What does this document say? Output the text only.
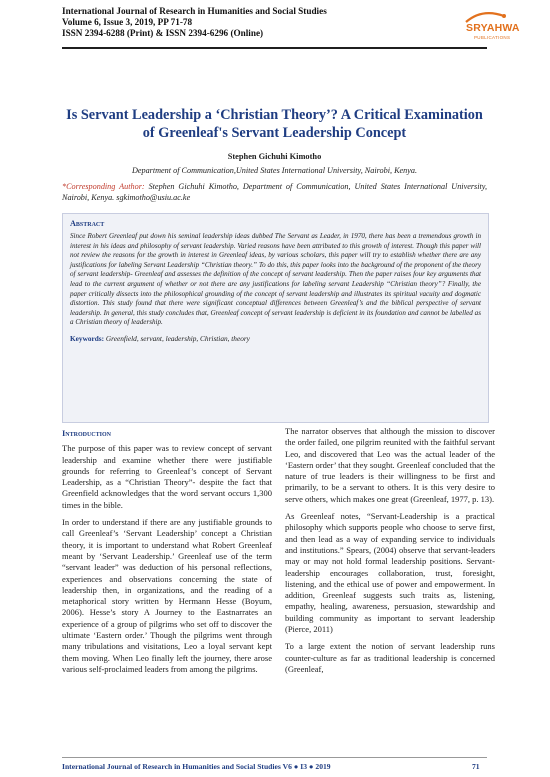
International Journal of Research in Humanities and Social Studies
Volume 6, Issue 3, 2019, PP 71-78
ISSN 2394-6288 (Print) & ISSN 2394-6296 (Online)	SRYAHWA
PUBLICATIONS
Is Servant Leadership a ‘Christian Theory’? A Critical Examination of Greenleaf's Servant Leadership Concept
Stephen Gichuhi Kimotho
Department of Communication,United States International University, Nairobi, Kenya.
*Corresponding Author: Stephen Gichuhi Kimotho, Department of Communication, United States International University, Nairobi, Kenya. sgkimotho@usiu.ac.ke
Abstract

Since Robert Greenleaf put down his seminal leadership ideas dubbed The Servant as Leader, in 1970, there has been a tremendous growth in interest in his ideas and philosophy of servant leadership. Varied reasons have been attributed to this growth of interest. Though this paper will not review the reasons for the growth in interest in Greenleaf ideas, by various scholars, this paper will try to establish whether there are any justifications for labeling Servant Leadership “Christian theory.” To do this, this paper looks into the background of the proponent of the theory of servant leadership- Greenleaf and assesses the definition of the concept of servant leadership. Then the paper raises four key arguments that lead to the current argument of whether or not there are any justifications for labeling servant Leadership “Christian theory”? Finally, the paper critically dissects into the philosophical grounding of the concept of servant leadership and illustrates its spiritual vacuity and dogmatic distortion. This study found that there were significant conceptual differences between Greenleaf’s and the biblical perspective of servant leadership. In general, this study concludes that, Greenleaf concept of servant leadership is deficient in its foundation and cannot be labelled as a Christian theory of leadership.

Keywords: Greenfield, servant, leadership, Christian, theory
Introduction

The purpose of this paper was to review concept of servant leadership and examine whether there were justifiable grounds for referring to Greenleaf’s concept of Servant Leadership, as a “Christian Theory”- despite the fact that Greenfield acknowledges that the word servant occurs 1,300 times in the bible.

In order to understand if there are any justifiable grounds to call Greenleaf’s ‘Servant Leadership’ concept a Christian theory, it is important to understand what Robert Greenleaf meant by ‘Servant Leadership.’ Greenleaf use of the term “servant leader” was deduction of his personal reflections, experiences and observations concerning the state of leadership then, in organizations, and the reading of a metaphorical story written by Hermann Hesse (Boyum, 2006). Hesse’s story A Journey to the Eastnarrates an experience of a group of pilgrims who set off to discover the ultimate ‘Eastern order.’ Though the pilgrims went through many tribulations and visitations, Leo a loyal servant kept them moving. When Leo finally left the journey, there arose various self-proclaimed leaders from among the pilgrims.

The narrator observes that although the mission to discover the order failed, one pilgrim reunited with the faithful servant Leo, and discovered that Leo was the actual leader of the ‘Eastern order’ that they sought. Greenleaf concluded that the nature of true leaders is their willingness to be first and primarily, to be a servant to others. It is this very desire to serve others, which makes one great (Greenleaf, 1977, p. 13).

As Greenleaf notes, “Servant-Leadership is a practical philosophy which supports people who choose to serve first, and then lead as a way of expanding service to individuals and institutions.” Spears, (2004) observe that servant-leaders may or may not hold formal leadership positions. Servant-leadership encourages collaboration, trust, foresight, listening, and the ethical use of power and empowerment. In addition, Greenleaf suggests such traits as, listening, empathy, healing, awareness, persuasion, stewardship and building community as important to servant leadership (Pierce, 2011)

To a large extent the notion of servant leadership runs counter-culture as far as traditional leadership is concerned (Greenleaf,

International Journal of Research in Humanities and Social Studies V6 ● I3 ● 2019	71
